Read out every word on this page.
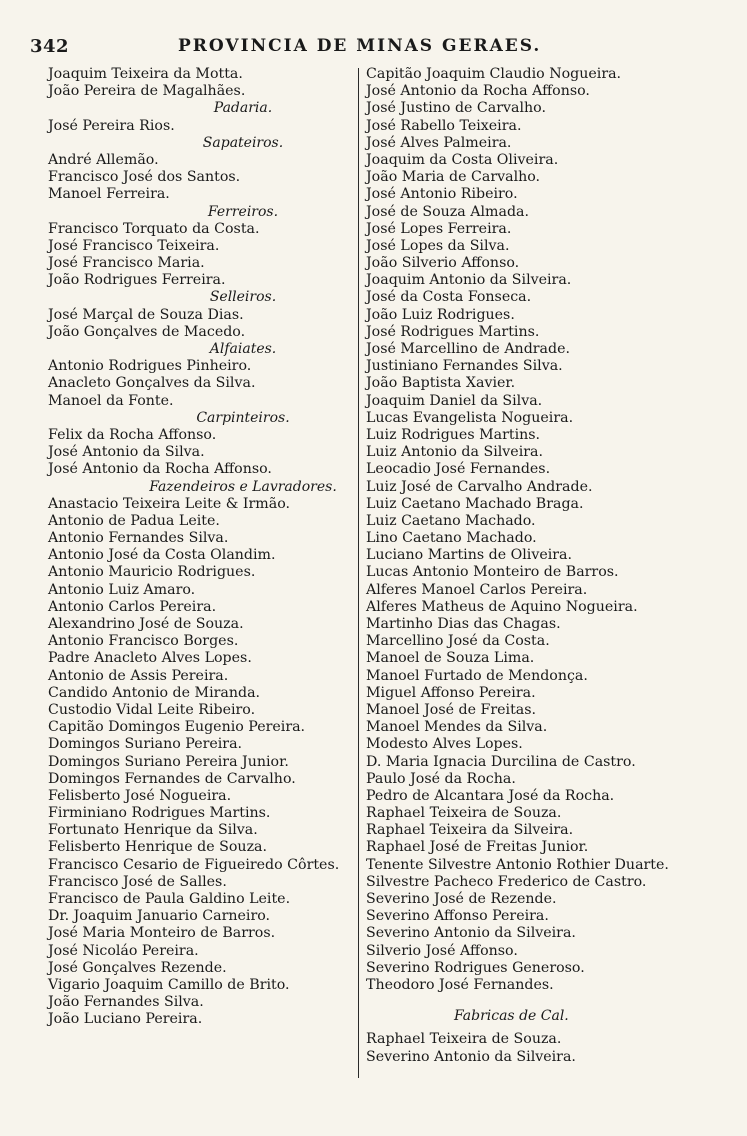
342	PROVINCIA DE MINAS GERAES.
Joaquim Teixeira da Motta.
João Pereira de Magalhães.
Padaria.
José Pereira Rios.
Sapateiros.
André Allemão.
Francisco José dos Santos.
Manoel Ferreira.
Ferreiros.
Francisco Torquato da Costa.
José Francisco Teixeira.
José Francisco Maria.
João Rodrigues Ferreira.
Selleiros.
José Marçal de Souza Dias.
João Gonçalves de Macedo.
Alfaiates.
Antonio Rodrigues Pinheiro.
Anacleto Gonçalves da Silva.
Manoel da Fonte.
Carpinteiros.
Felix da Rocha Affonso.
José Antonio da Silva.
José Antonio da Rocha Affonso.
Fazendeiros e Lavradores.
Anastacio Teixeira Leite & Irmão.
Antonio de Padua Leite.
Antonio Fernandes Silva.
Antonio José da Costa Olandim.
Antonio Mauricio Rodrigues.
Antonio Luiz Amaro.
Antonio Carlos Pereira.
Alexandrino José de Souza.
Antonio Francisco Borges.
Padre Anacleto Alves Lopes.
Antonio de Assis Pereira.
Candido Antonio de Miranda.
Custodio Vidal Leite Ribeiro.
Capitão Domingos Eugenio Pereira.
Domingos Suriano Pereira.
Domingos Suriano Pereira Junior.
Domingos Fernandes de Carvalho.
Felisberto José Nogueira.
Firminiano Rodrigues Martins.
Fortunato Henrique da Silva.
Felisberto Henrique de Souza.
Francisco Cesario de Figueiredo Côrtes.
Francisco José de Salles.
Francisco de Paula Galdino Leite.
Dr. Joaquim Januario Carneiro.
José Maria Monteiro de Barros.
José Nicoláo Pereira.
José Gonçalves Rezende.
Vigario Joaquim Camillo de Brito.
João Fernandes Silva.
João Luciano Pereira.
Capitão Joaquim Claudio Nogueira.
José Antonio da Rocha Affonso.
José Justino de Carvalho.
José Rabello Teixeira.
José Alves Palmeira.
Joaquim da Costa Oliveira.
João Maria de Carvalho.
José Antonio Ribeiro.
José de Souza Almada.
José Lopes Ferreira.
José Lopes da Silva.
João Silverio Affonso.
Joaquim Antonio da Silveira.
José da Costa Fonseca.
João Luiz Rodrigues.
José Rodrigues Martins.
José Marcellino de Andrade.
Justiniano Fernandes Silva.
João Baptista Xavier.
Joaquim Daniel da Silva.
Lucas Evangelista Nogueira.
Luiz Rodrigues Martins.
Luiz Antonio da Silveira.
Leocadio José Fernandes.
Luiz José de Carvalho Andrade.
Luiz Caetano Machado Braga.
Luiz Caetano Machado.
Lino Caetano Machado.
Luciano Martins de Oliveira.
Lucas Antonio Monteiro de Barros.
Alferes Manoel Carlos Pereira.
Alferes Matheus de Aquino Nogueira.
Martinho Dias das Chagas.
Marcellino José da Costa.
Manoel de Souza Lima.
Manoel Furtado de Mendonça.
Miguel Affonso Pereira.
Manoel José de Freitas.
Manoel Mendes da Silva.
Modesto Alves Lopes.
D. Maria Ignacia Durcilina de Castro.
Paulo José da Rocha.
Pedro de Alcantara José da Rocha.
Raphael Teixeira de Souza.
Raphael Teixeira da Silveira.
Raphael José de Freitas Junior.
Tenente Silvestre Antonio Rothier Duarte.
Silvestre Pacheco Frederico de Castro.
Severino José de Rezende.
Severino Affonso Pereira.
Severino Antonio da Silveira.
Silverio José Affonso.
Severino Rodrigues Generoso.
Theodoro José Fernandes.
Fabricas de Cal.
Raphael Teixeira de Souza.
Severino Antonio da Silveira.
